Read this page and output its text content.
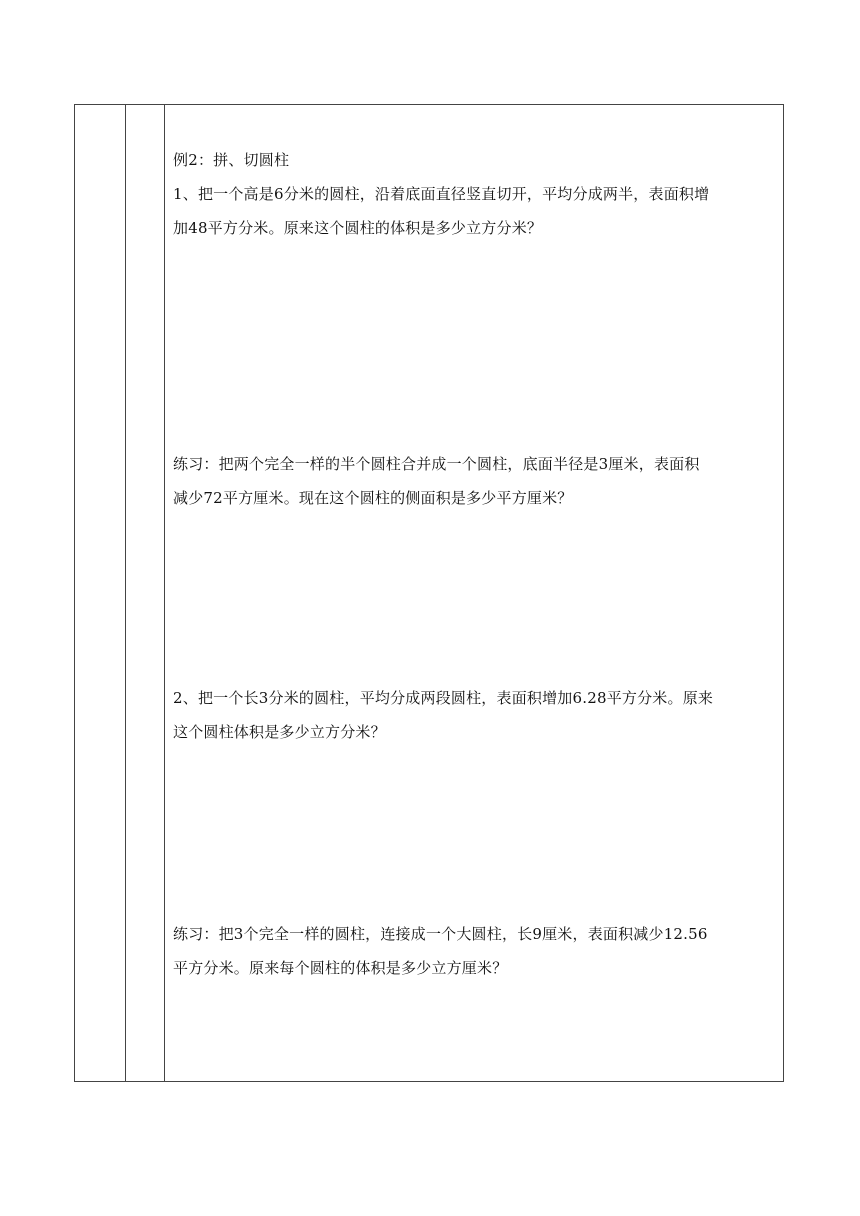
例2：拼、切圆柱

1、把一个高是6分米的圆柱，沿着底面直径竖直切开，平均分成两半，表面积增

加48平方分米。原来这个圆柱的体积是多少立方分米？

练习：把两个完全一样的半个圆柱合并成一个圆柱，底面半径是3厘米，表面积

减少72平方厘米。现在这个圆柱的侧面积是多少平方厘米？

2、把一个长3分米的圆柱，平均分成两段圆柱，表面积增加6.28平方分米。原来

这个圆柱体积是多少立方分米？

练习：把3个完全一样的圆柱，连接成一个大圆柱，长9厘米，表面积减少12.56

平方分米。原来每个圆柱的体积是多少立方厘米？
